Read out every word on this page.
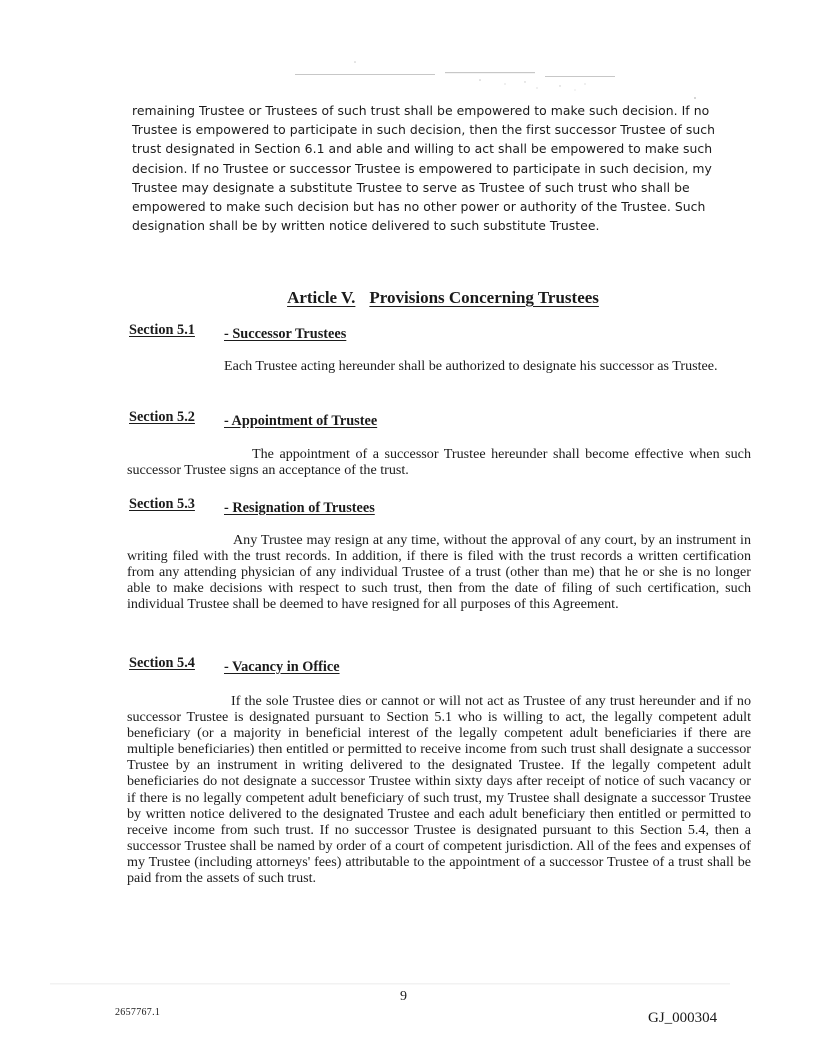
remaining Trustee or Trustees of such trust shall be empowered to make such decision. If no Trustee is empowered to participate in such decision, then the first successor Trustee of such trust designated in Section 6.1 and able and willing to act shall be empowered to make such decision. If no Trustee or successor Trustee is empowered to participate in such decision, my Trustee may designate a substitute Trustee to serve as Trustee of such trust who shall be empowered to make such decision but has no other power or authority of the Trustee. Such designation shall be by written notice delivered to such substitute Trustee.

Article V. Provisions Concerning Trustees
Section 5.1 - Successor Trustees

Each Trustee acting hereunder shall be authorized to designate his successor as Trustee.

Section 5.2 - Appointment of Trustee

The appointment of a successor Trustee hereunder shall become effective when such successor Trustee signs an acceptance of the trust.

Section 5.3 - Resignation of Trustees

Any Trustee may resign at any time, without the approval of any court, by an instrument in writing filed with the trust records. In addition, if there is filed with the trust records a written certification from any attending physician of any individual Trustee of a trust (other than me) that he or she is no longer able to make decisions with respect to such trust, then from the date of filing of such certification, such individual Trustee shall be deemed to have resigned for all purposes of this Agreement.

Section 5.4 - Vacancy in Office

If the sole Trustee dies or cannot or will not act as Trustee of any trust hereunder and if no successor Trustee is designated pursuant to Section 5.1 who is willing to act, the legally competent adult beneficiary (or a majority in beneficial interest of the legally competent adult beneficiaries if there are multiple beneficiaries) then entitled or permitted to receive income from such trust shall designate a successor Trustee by an instrument in writing delivered to the designated Trustee. If the legally competent adult beneficiaries do not designate a successor Trustee within sixty days after receipt of notice of such vacancy or if there is no legally competent adult beneficiary of such trust, my Trustee shall designate a successor Trustee by written notice delivered to the designated Trustee and each adult beneficiary then entitled or permitted to receive income from such trust. If no successor Trustee is designated pursuant to this Section 5.4, then a successor Trustee shall be named by order of a court of competent jurisdiction. All of the fees and expenses of my Trustee (including attorneys' fees) attributable to the appointment of a successor Trustee of a trust shall be paid from the assets of such trust.

9

2657767.1	GJ_000304
